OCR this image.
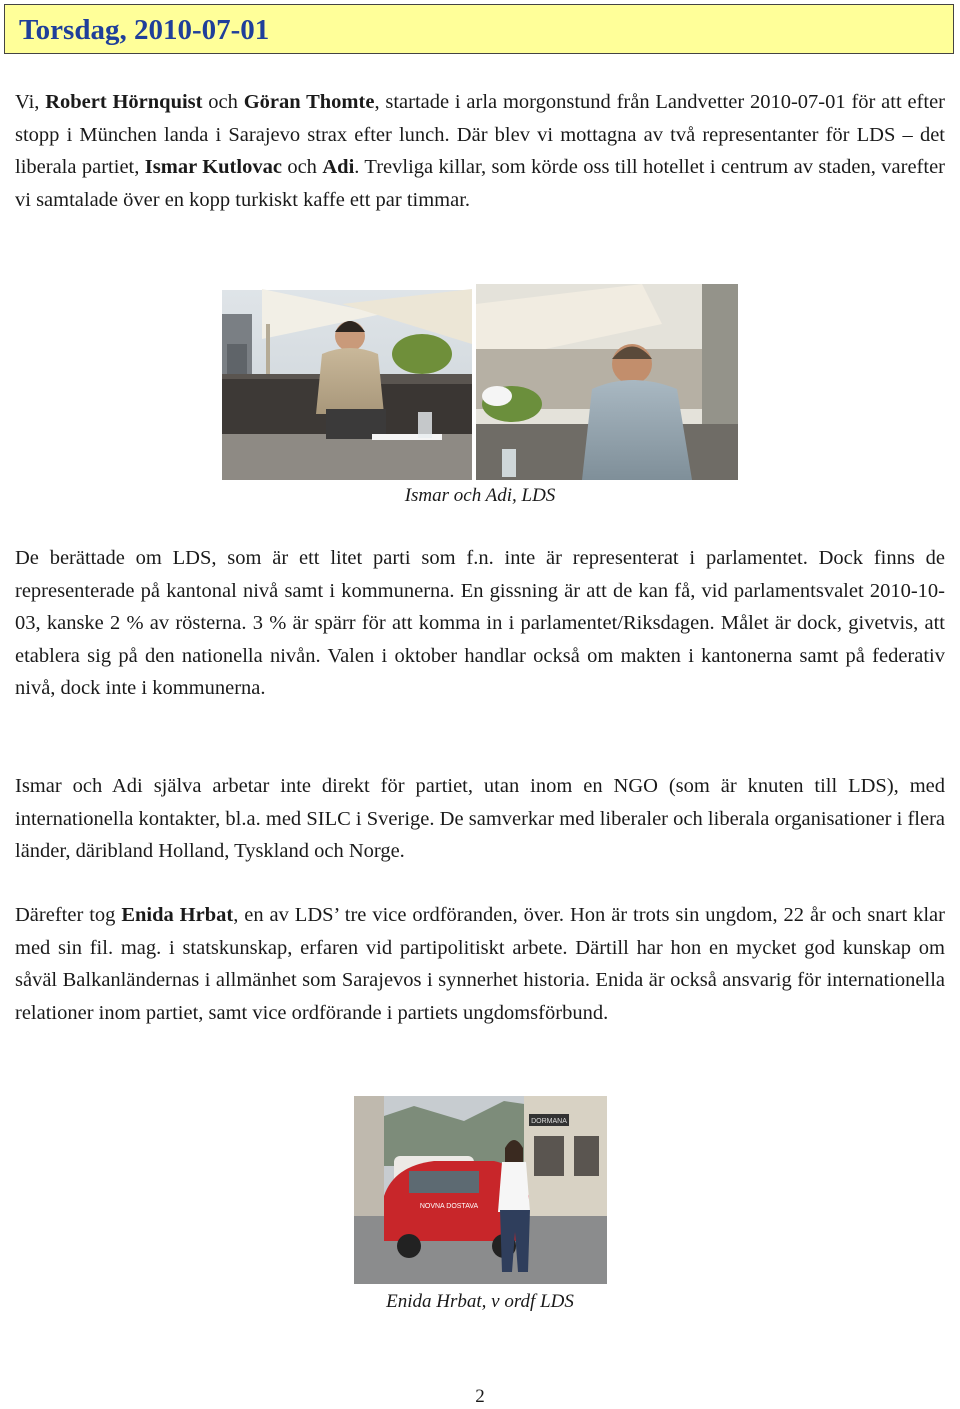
Torsdag, 2010-07-01

Vi, Robert Hörnquist och Göran Thomte, startade i arla morgonstund från Landvetter 2010-07-01 för att efter stopp i München landa i Sarajevo strax efter lunch. Där blev vi mottagna av två representanter för LDS – det liberala partiet, Ismar Kutlovac och Adi. Trevliga killar, som körde oss till hotellet i centrum av staden, varefter vi samtalade över en kopp turkiskt kaffe ett par timmar.

Ismar och Adi, LDS

De berättade om LDS, som är ett litet parti som f.n. inte är representerat i parlamentet. Dock finns de representerade på kantonal nivå samt i kommunerna. En gissning är att de kan få, vid parlamentsvalet 2010-10-03, kanske 2 % av rösterna. 3 % är spärr för att komma in i parlamentet/Riksdagen. Målet är dock, givetvis, att etablera sig på den nationella nivån. Valen i oktober handlar också om makten i kantonerna samt på federativ nivå, dock inte i kommunerna.

Ismar och Adi själva arbetar inte direkt för partiet, utan inom en NGO (som är knuten till LDS), med internationella kontakter, bl.a. med SILC i Sverige. De samverkar med liberaler och liberala organisationer i flera länder, däribland Holland, Tyskland och Norge.

Därefter tog Enida Hrbat, en av LDS’ tre vice ordföranden, över. Hon är trots sin ungdom, 22 år och snart klar med sin fil. mag. i statskunskap, erfaren vid partipolitiskt arbete. Därtill har hon en mycket god kunskap om såväl Balkanländernas i allmänhet som Sarajevos i synnerhet historia. Enida är också ansvarig för internationella relationer inom partiet, samt vice ordförande i partiets ungdomsförbund.

DORMANA
NOVNA DOSTAVA
Enida Hrbat, v ordf LDS
2
